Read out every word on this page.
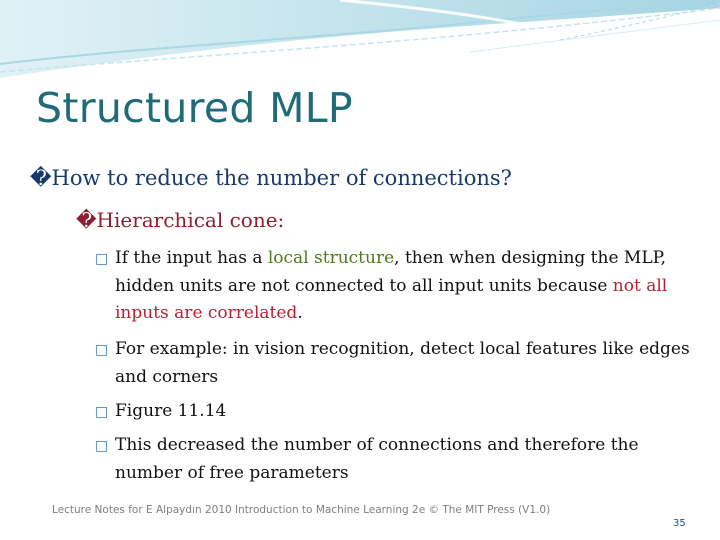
Structured MLP
�How to reduce the number of connections?
�Hierarchical cone:
□
If the input has a local structure, then when designing the MLP, hidden units are not connected to all input units because not all inputs are correlated.
□
For example: in vision recognition, detect local features like edges and corners
□
Figure 11.14
□
This decreased the number of connections and therefore the number of free parameters
Lecture Notes for E Alpaydın 2010 Introduction to Machine Learning 2e © The MIT Press (V1.0)
35
